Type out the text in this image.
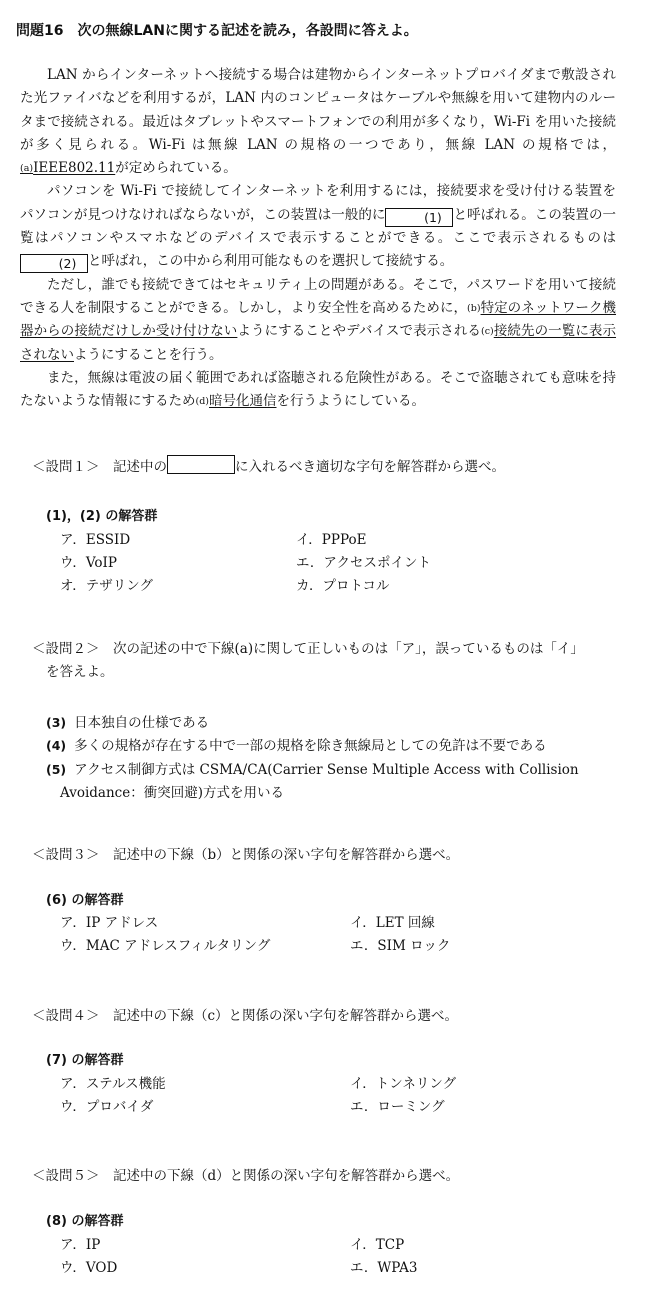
問題16　次の無線LANに関する記述を読み，各設問に答えよ。

LAN からインターネットへ接続する場合は建物からインターネットプロバイダまで敷設された光ファイバなどを利用するが，LAN 内のコンピュータはケーブルや無線を用いて建物内のルータまで接続される。最近はタブレットやスマートフォンでの利用が多くなり，Wi-Fi を用いた接続が多く見られる。Wi-Fi は無線 LAN の規格の一つであり，無線 LAN の規格では，(a)IEEE802.11が定められている。

パソコンを Wi-Fi で接続してインターネットを利用するには，接続要求を受け付ける装置をパソコンが見つけなければならないが，この装置は一般的に	(1) と呼ばれる。この装置の一覧はパソコンやスマホなどのデバイスで表示することができる。ここで表示されるものは(2) と呼ばれ，この中から利用可能なものを選択して接続する。

ただし，誰でも接続できてはセキュリティ上の問題がある。そこで，パスワードを用いて接続できる人を制限することができる。しかし，より安全性を高めるために，(b)特定のネットワーク機器からの接続だけしか受け付けないようにすることやデバイスで表示される(c)接続先の一覧に表示されないようにすることを行う。

また，無線は電波の届く範囲であれば盗聴される危険性がある。そこで盗聴されても意味を持たないような情報にするため(d)暗号化通信を行うようにしている。

＜設問１＞　記述中の	に入れるべき適切な字句を解答群から選べ。
(1)，(2) の解答群
ア．ESSID	イ．PPPoE
ウ．VoIP	エ．アクセスポイント
オ．テザリング	カ．プロトコル
＜設問２＞　次の記述の中で下線(a)に関して正しいものは「ア」，誤っているものは「イ」
を答えよ。
(3) 日本独自の仕様である
(4) 多くの規格が存在する中で一部の規格を除き無線局としての免許は不要である
(5) アクセス制御方式は CSMA/CA(Carrier Sense Multiple Access with Collision
Avoidance：衝突回避)方式を用いる
＜設問３＞　記述中の下線（b）と関係の深い字句を解答群から選べ。
(6) の解答群
ア．IP アドレス	イ．LET 回線
ウ．MAC アドレスフィルタリング	エ．SIM ロック
＜設問４＞　記述中の下線（c）と関係の深い字句を解答群から選べ。
(7) の解答群
ア．ステルス機能	イ．トンネリング
ウ．プロバイダ	エ．ローミング
＜設問５＞　記述中の下線（d）と関係の深い字句を解答群から選べ。
(8) の解答群
ア．IP	イ．TCP
ウ．VOD	エ．WPA3
